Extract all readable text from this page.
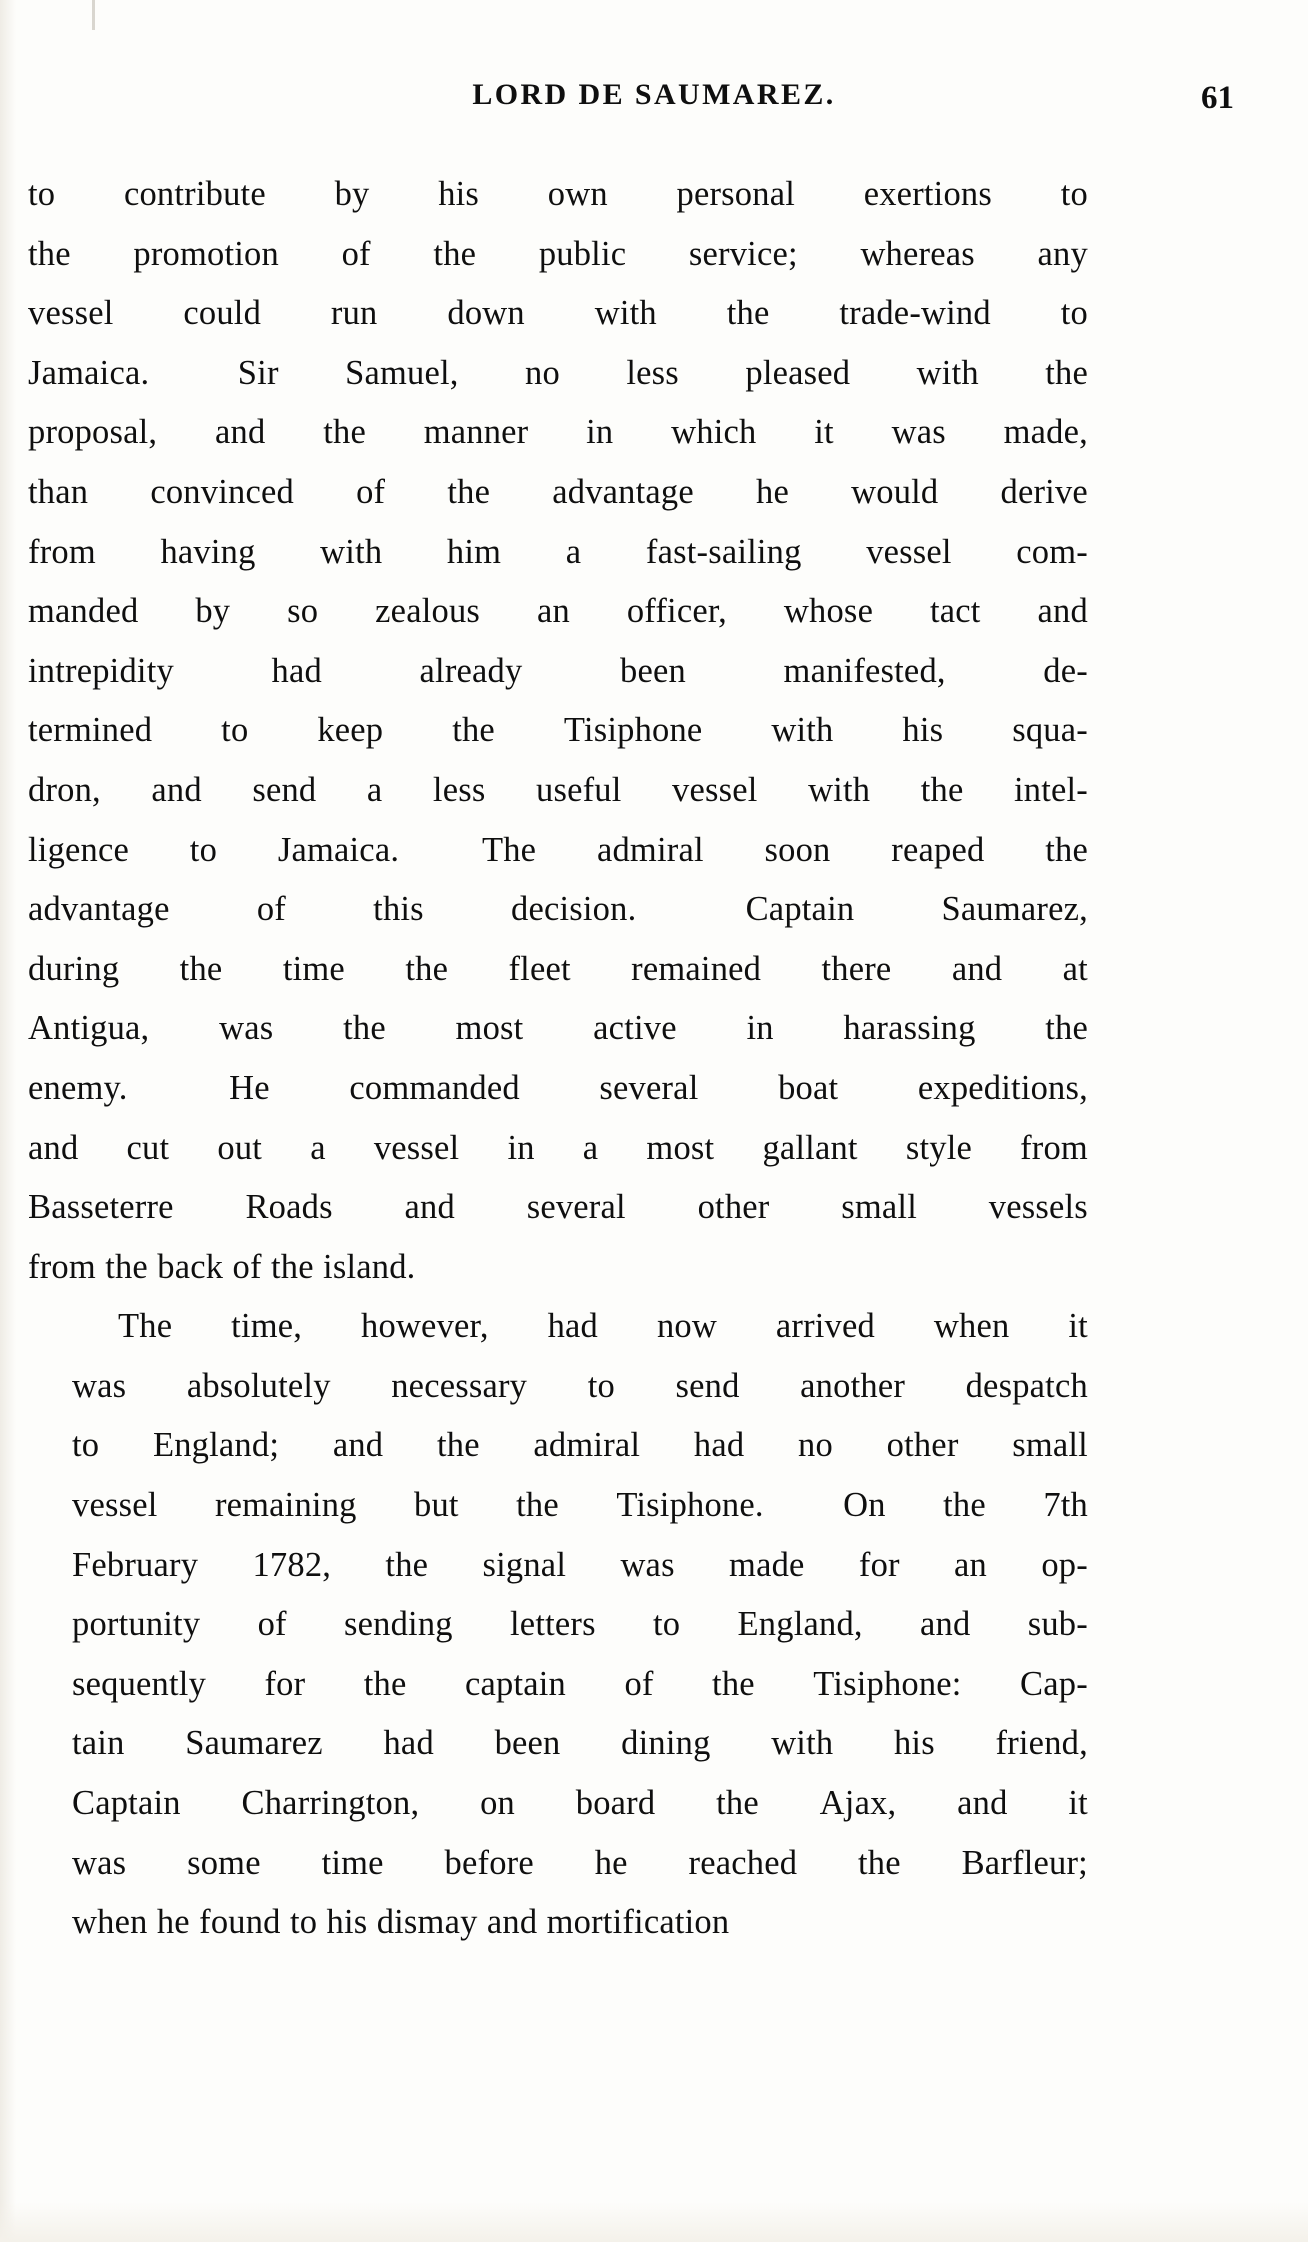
LORD DE SAUMAREZ.	61

to contribute by his own personal exertions to
the promotion of the public service; whereas any
vessel could run down with the trade-wind to
Jamaica.	Sir Samuel, no less pleased with the
proposal, and the manner in which it was made,
than convinced of the advantage he would derive
from having with him a fast-sailing vessel com-
manded by so zealous an officer, whose tact and
intrepidity	had	already	been	manifested,	de-
termined to keep the Tisiphone with his squa-
dron, and send a less useful vessel with the intel-
ligence to Jamaica. The admiral soon reaped the
advantage	of	this	decision.	Captain	Saumarez,
during the time the fleet remained there and at
Antigua, was the most active in harassing the
enemy.	He commanded several boat expeditions,
and cut out a vessel in a most gallant style from
Basseterre Roads and several other small vessels
from the back of the island.

The	time,	however,	had	now	arrived	when	it
was	absolutely	necessary	to	send	another	despatch
to	England;	and	the	admiral	had	no	other	small
vessel	remaining	but	the	Tisiphone.	On	the	7th
February	1782,	the	signal	was	made	for	an	op-
portunity	of	sending	letters	to	England,	and	sub-
sequently	for	the	captain	of	the	Tisiphone:	Cap-
tain	Saumarez	had	been	dining	with	his	friend,
Captain	Charrington,	on	board	the	Ajax,	and	it
was	some	time	before	he	reached	the	Barfleur;
when he found to his dismay and mortification
